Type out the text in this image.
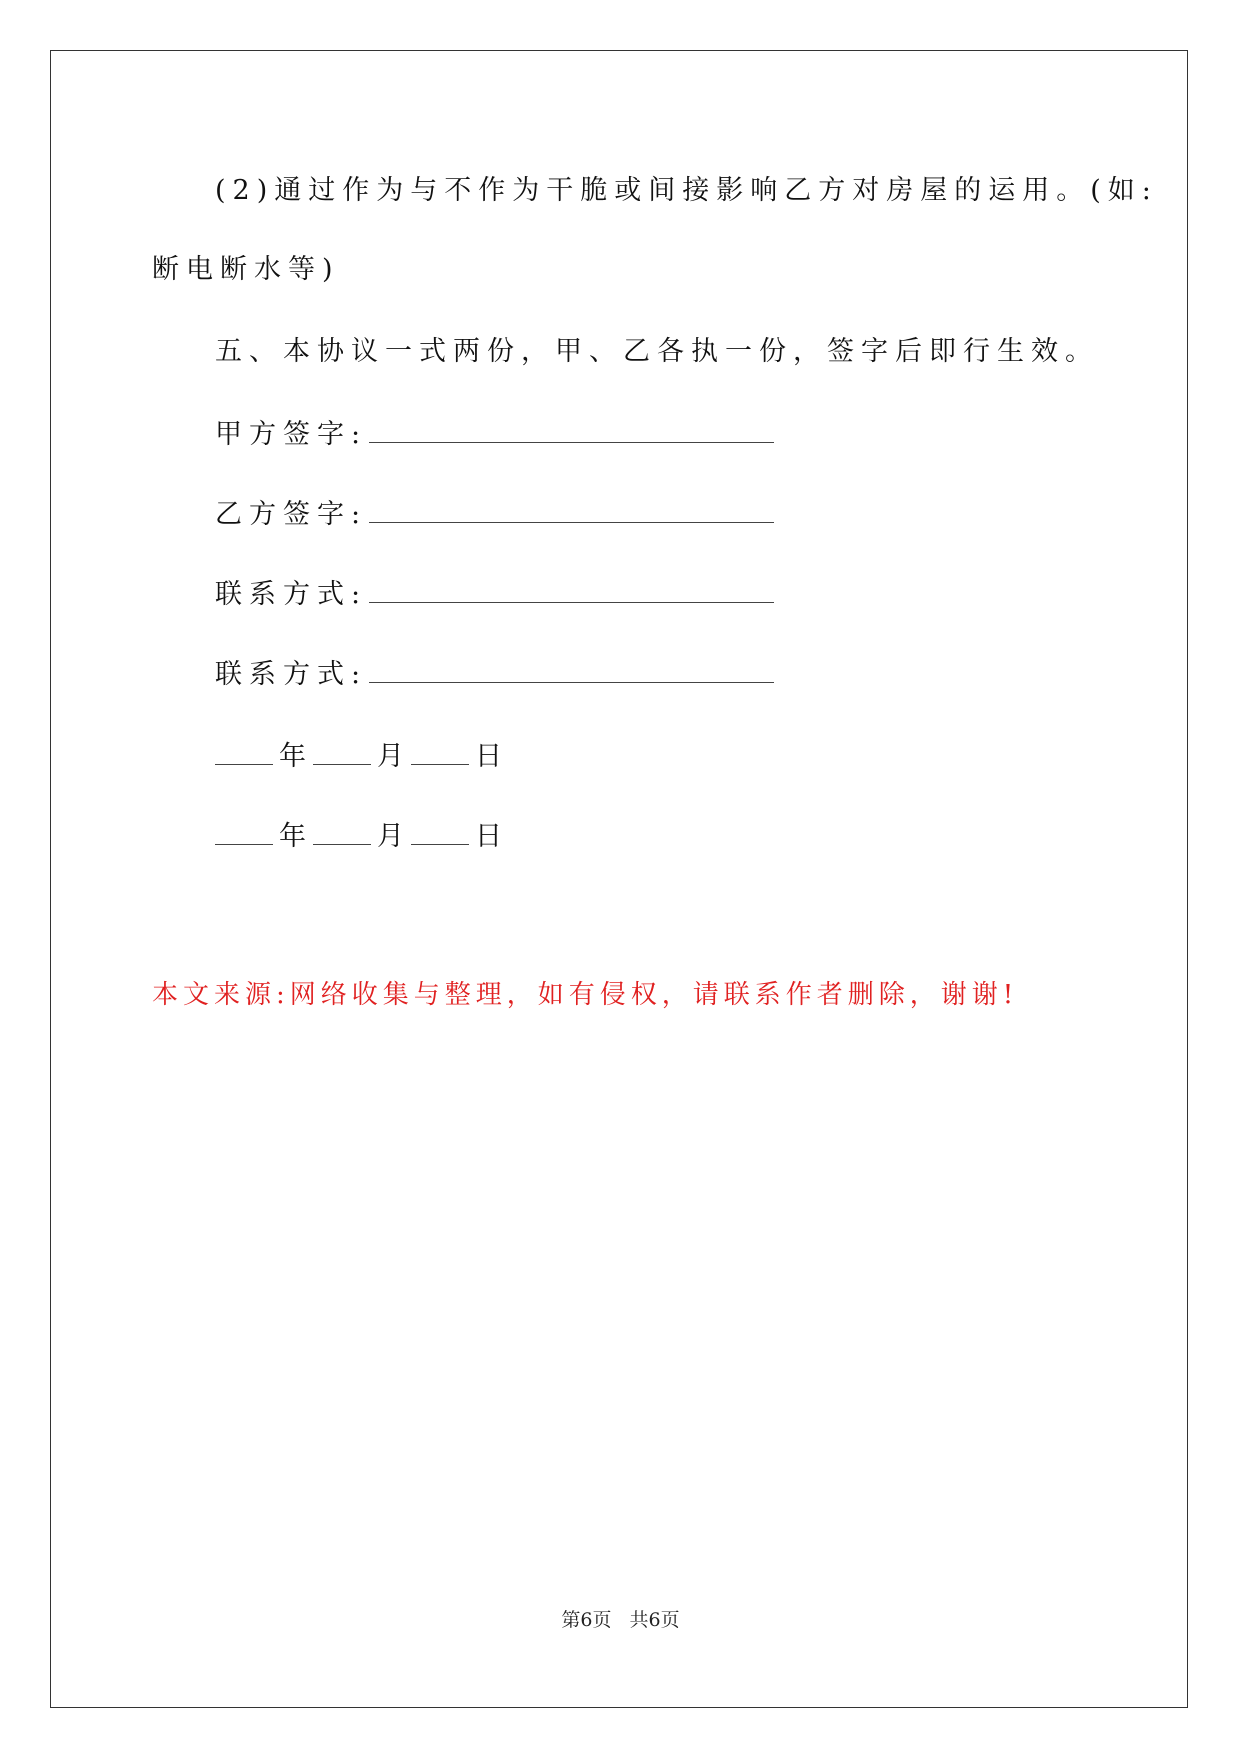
(2)通过作为与不作为干脆或间接影响乙方对房屋的运用。(如:
断电断水等)
五、本协议一式两份，甲、乙各执一份，签字后即行生效。
甲方签字:
乙方签字:
联系方式:
联系方式:
年 月 日
年 月 日
本文来源:网络收集与整理，如有侵权，请联系作者删除，谢谢!
第6页 共6页
